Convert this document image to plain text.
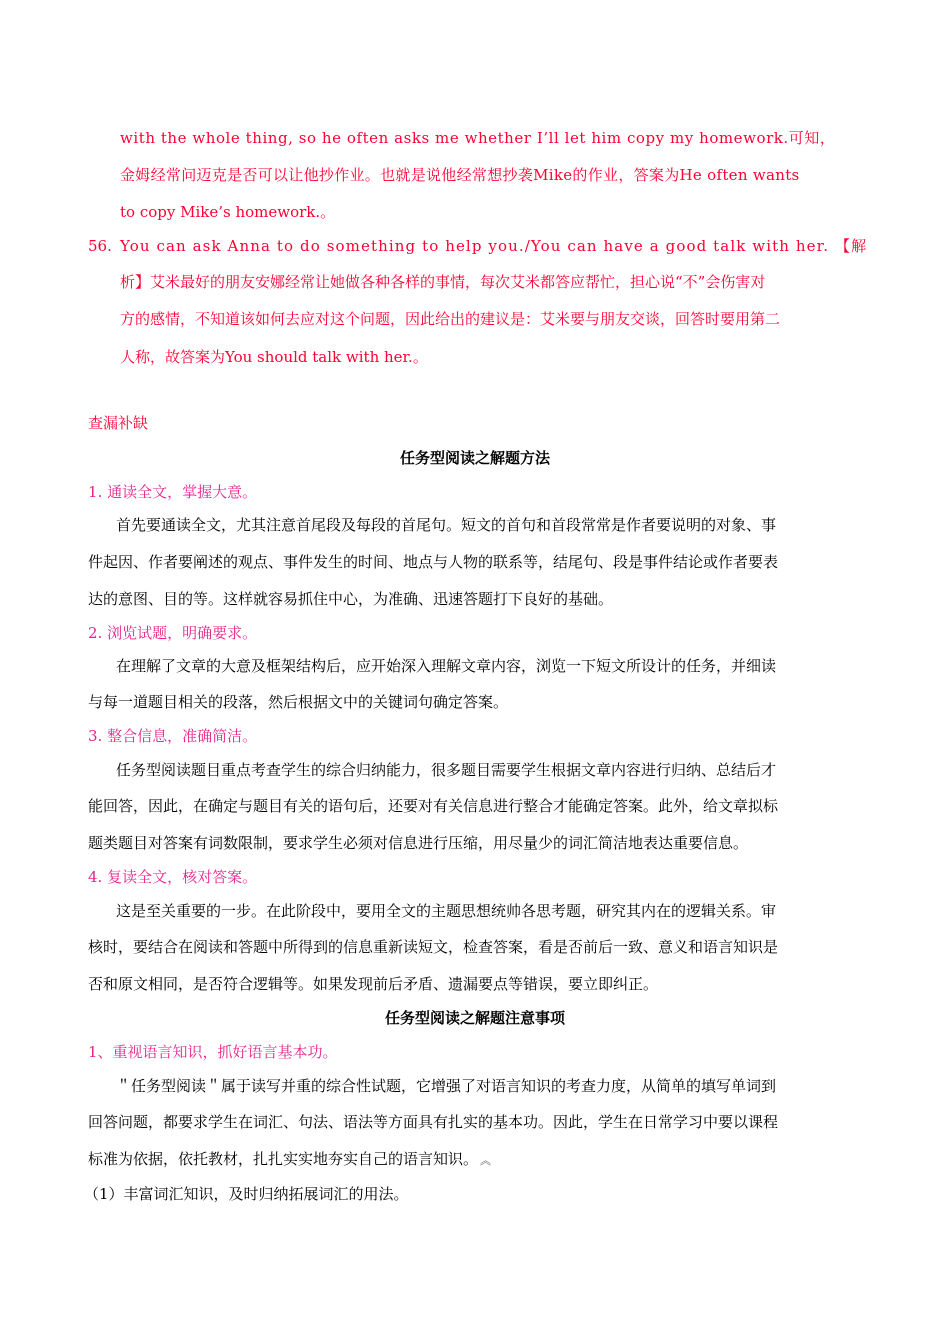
with the whole thing, so he often asks me whether I’ll let him copy my homework.可知，
金姆经常问迈克是否可以让他抄作业。也就是说他经常想抄袭Mike的作业，答案为He often wants
to copy Mike’s homework.。
56. You can ask Anna to do something to help you./You can have a good talk with her. 【解
析】艾米最好的朋友安娜经常让她做各种各样的事情，每次艾米都答应帮忙，担心说“不”会伤害对
方的感情，不知道该如何去应对这个问题，因此给出的建议是：艾米要与朋友交谈，回答时要用第二
人称，故答案为You should talk with her.。
查漏补缺
任务型阅读之解题方法
1. 通读全文，掌握大意。
首先要通读全文，尤其注意首尾段及每段的首尾句。短文的首句和首段常常是作者要说明的对象、事
件起因、作者要阐述的观点、事件发生的时间、地点与人物的联系等，结尾句、段是事件结论或作者要表
达的意图、目的等。这样就容易抓住中心，为准确、迅速答题打下良好的基础。
2. 浏览试题，明确要求。
在理解了文章的大意及框架结构后，应开始深入理解文章内容，浏览一下短文所设计的任务，并细读
与每一道题目相关的段落，然后根据文中的关键词句确定答案。
3. 整合信息，准确简洁。
任务型阅读题目重点考查学生的综合归纳能力，很多题目需要学生根据文章内容进行归纳、总结后才
能回答，因此，在确定与题目有关的语句后，还要对有关信息进行整合才能确定答案。此外，给文章拟标
题类题目对答案有词数限制，要求学生必须对信息进行压缩，用尽量少的词汇简洁地表达重要信息。
4. 复读全文，核对答案。
这是至关重要的一步。在此阶段中，要用全文的主题思想统帅各思考题，研究其内在的逻辑关系。审
核时，要结合在阅读和答题中所得到的信息重新读短文，检查答案，看是否前后一致、意义和语言知识是
否和原文相同，是否符合逻辑等。如果发现前后矛盾、遗漏要点等错误，要立即纠正。
任务型阅读之解题注意事项
1、重视语言知识，抓好语言基本功。
＂任务型阅读＂属于读写并重的综合性试题，它增强了对语言知识的考查力度，从简单的填写单词到
回答问题，都要求学生在词汇、句法、语法等方面具有扎实的基本功。因此，学生在日常学习中要以课程
标准为依据，依托教材，扎扎实实地夯实自己的语言知识。 ︽
（1）丰富词汇知识，及时归纳拓展词汇的用法。
